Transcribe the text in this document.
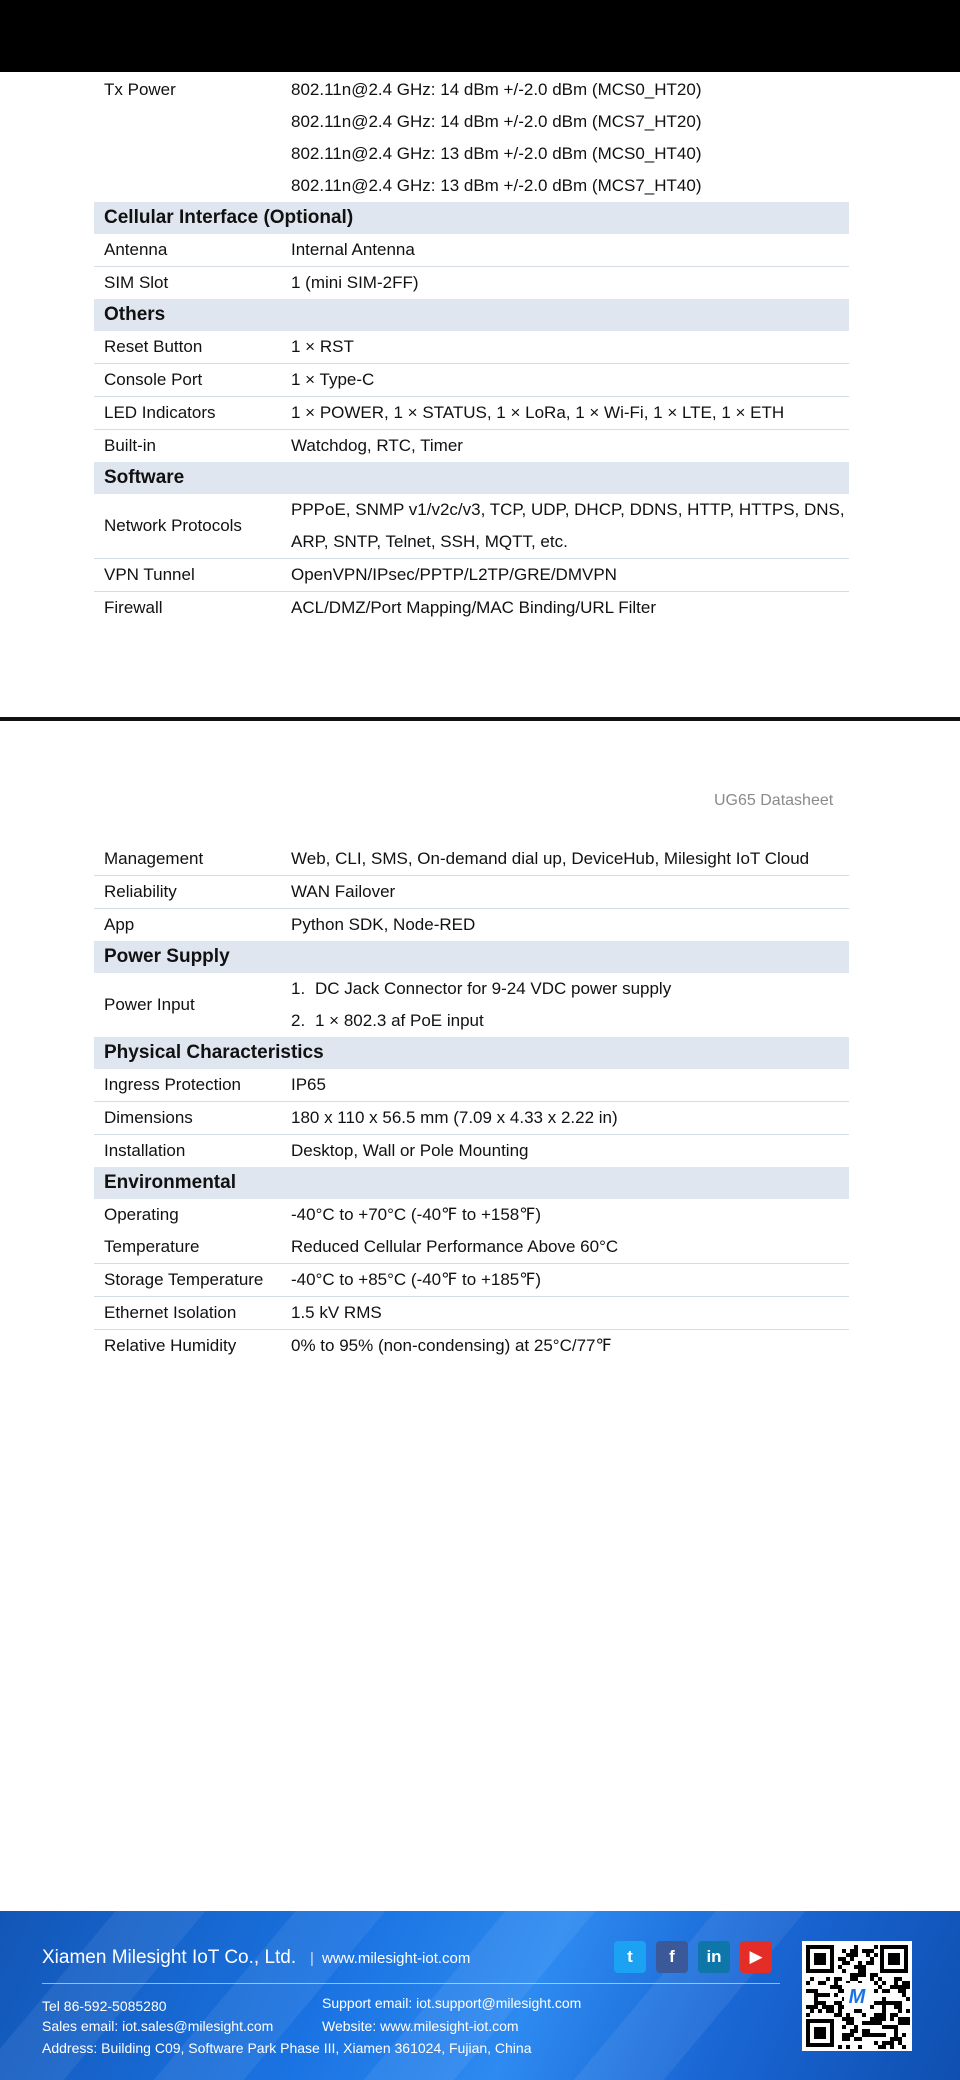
Tx Power	802.11n@2.4 GHz: 14 dBm +/-2.0 dBm (MCS0_HT20)

	802.11n@2.4 GHz: 14 dBm +/-2.0 dBm (MCS7_HT20)

	802.11n@2.4 GHz: 13 dBm +/-2.0 dBm (MCS0_HT40)

	802.11n@2.4 GHz: 13 dBm +/-2.0 dBm (MCS7_HT40)

Cellular Interface (Optional)	
Antenna	Internal Antenna

SIM Slot	1 (mini SIM-2FF)

Others	
Reset Button	1 × RST

Console Port	1 × Type-C

LED Indicators	1 × POWER, 1 × STATUS, 1 × LoRa, 1 × Wi-Fi, 1 × LTE, 1 × ETH

Built-in	Watchdog, RTC, Timer

Software	
Network Protocols	PPPoE, SNMP v1/v2c/v3, TCP, UDP, DHCP, DDNS, HTTP, HTTPS, DNS,
ARP, SNTP, Telnet, SSH, MQTT, etc.

VPN Tunnel	OpenVPN/IPsec/PPTP/L2TP/GRE/DMVPN

Firewall	ACL/DMZ/Port Mapping/MAC Binding/URL Filter
UG65 Datasheet
Management	Web, CLI, SMS, On-demand dial up, DeviceHub, Milesight IoT Cloud

Reliability	WAN Failover

App	Python SDK, Node-RED

Power Supply	
Power Input	1. DC Jack Connector for 9-24 VDC power supply
2. 1 × 802.3 af PoE input

Physical Characteristics	
Ingress Protection	IP65

Dimensions	180 x 110 x 56.5 mm (7.09 x 4.33 x 2.22 in)

Installation	Desktop, Wall or Pole Mounting

Environmental	
Operating	-40°C to +70°C (-40℉ to +158℉)

Temperature	Reduced Cellular Performance Above 60°C

Storage Temperature	-40°C to +85°C (-40℉ to +185℉)

Ethernet Isolation	1.5 kV RMS

Relative Humidity	0% to 95% (non-condensing) at 25°C/77℉
Xiamen Milesight IoT Co., Ltd. | www.milesight-iot.com
Tel 86-592-5085280
Sales email: iot.sales@milesight.com
Address: Building C09, Software Park Phase III, Xiamen 361024, Fujian, China
Support email: iot.support@milesight.com
Website: www.milesight-iot.com
t	f	in	▶
M
